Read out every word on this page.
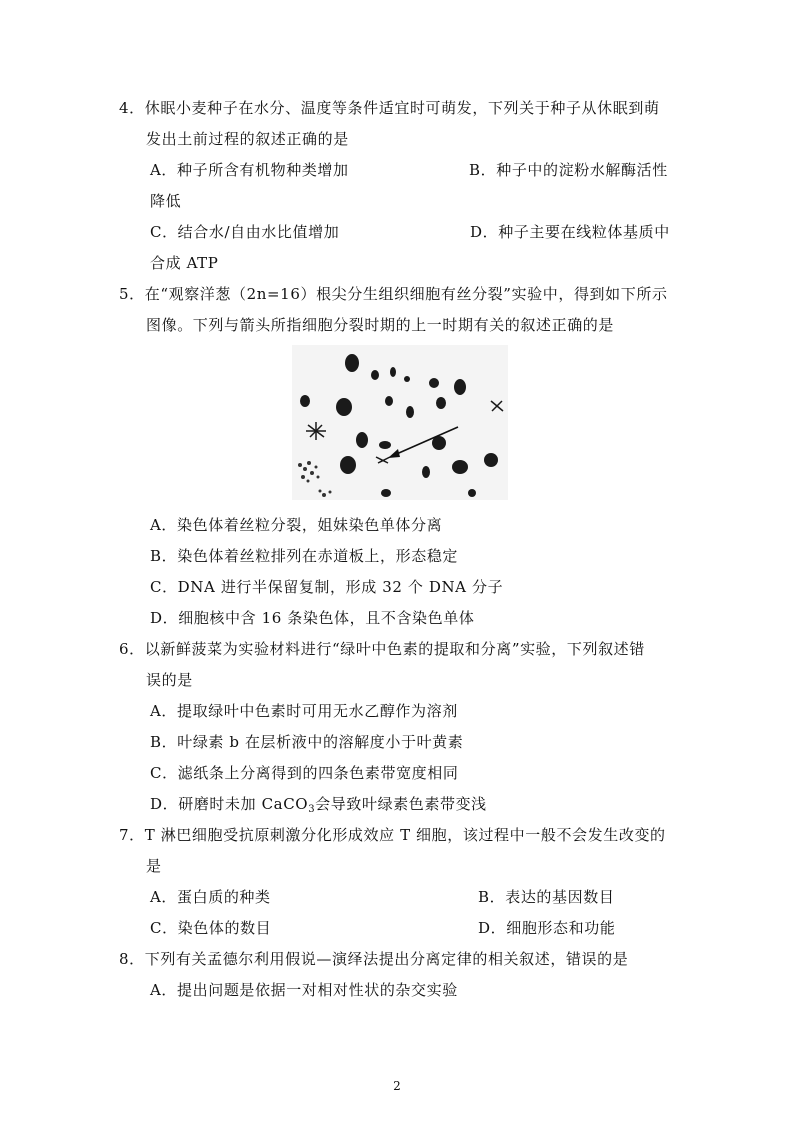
4．休眠小麦种子在水分、温度等条件适宜时可萌发，下列关于种子从休眠到萌
发出土前过程的叙述正确的是
A．种子所含有机物种类增加	B．种子中的淀粉水解酶活性
降低
C．结合水/自由水比值增加	D．种子主要在线粒体基质中
合成 ATP
5．在“观察洋葱（2n=16）根尖分生组织细胞有丝分裂”实验中，得到如下所示
图像。下列与箭头所指细胞分裂时期的上一时期有关的叙述正确的是
A．染色体着丝粒分裂，姐妹染色单体分离
B．染色体着丝粒排列在赤道板上，形态稳定
C．DNA 进行半保留复制，形成 32 个 DNA 分子
D．细胞核中含 16 条染色体，且不含染色单体
6．以新鲜菠菜为实验材料进行“绿叶中色素的提取和分离”实验，下列叙述错
误的是
A．提取绿叶中色素时可用无水乙醇作为溶剂
B．叶绿素 b 在层析液中的溶解度小于叶黄素
C．滤纸条上分离得到的四条色素带宽度相同
D．研磨时未加 CaCO$_3$会导致叶绿素色素带变浅
7．T 淋巴细胞受抗原刺激分化形成效应 T 细胞，该过程中一般不会发生改变的
是
A．蛋白质的种类	B．表达的基因数目
C．染色体的数目	D．细胞形态和功能
8．下列有关孟德尔利用假说—演绎法提出分离定律的相关叙述，错误的是
A．提出问题是依据一对相对性状的杂交实验
2
